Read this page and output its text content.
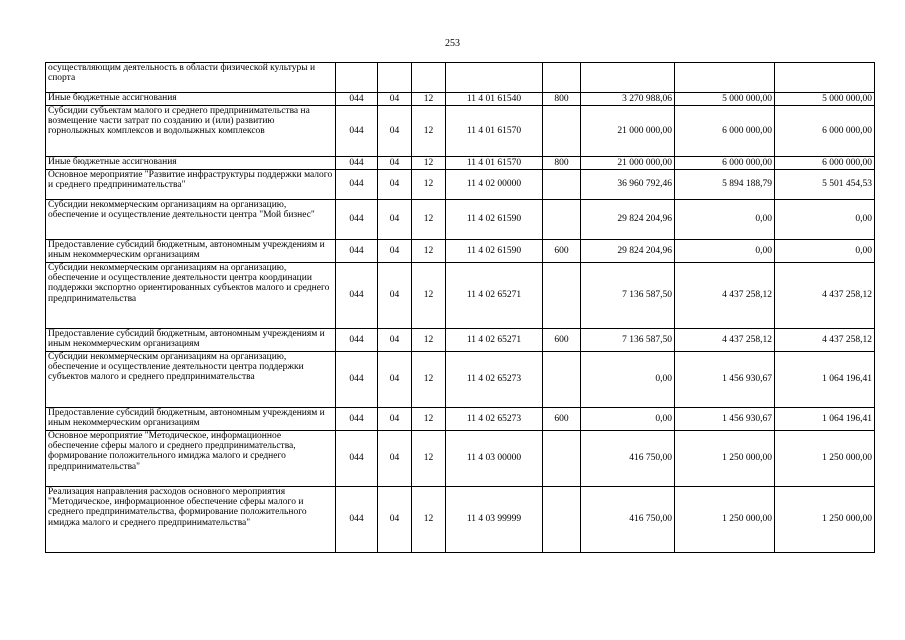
253
осуществляющим деятельность в области физической культуры и спорта								
Иные бюджетные ассигнования	044	04	12	11 4 01 61540	800	3 270 988,06	5 000 000,00	5 000 000,00
Субсидии субъектам малого и среднего предпринимательства на возмещение части затрат по созданию и (или) развитию горнолыжных комплексов и водолыжных комплексов	044	04	12	11 4 01 61570		21 000 000,00	6 000 000,00	6 000 000,00
Иные бюджетные ассигнования	044	04	12	11 4 01 61570	800	21 000 000,00	6 000 000,00	6 000 000,00
Основное мероприятие "Развитие инфраструктуры поддержки малого и среднего предпринимательства"	044	04	12	11 4 02 00000		36 960 792,46	5 894 188,79	5 501 454,53
Субсидии некоммерческим организациям на организацию, обеспечение и осуществление деятельности центра "Мой бизнес"	044	04	12	11 4 02 61590		29 824 204,96	0,00	0,00
Предоставление субсидий бюджетным, автономным учреждениям и иным некоммерческим организациям	044	04	12	11 4 02 61590	600	29 824 204,96	0,00	0,00
Субсидии некоммерческим организациям на организацию, обеспечение и осуществление деятельности центра координации поддержки экспортно ориентированных субъектов малого и среднего предпринимательства	044	04	12	11 4 02 65271		7 136 587,50	4 437 258,12	4 437 258,12
Предоставление субсидий бюджетным, автономным учреждениям и иным некоммерческим организациям	044	04	12	11 4 02 65271	600	7 136 587,50	4 437 258,12	4 437 258,12
Субсидии некоммерческим организациям на организацию, обеспечение и осуществление деятельности центра поддержки субъектов малого и среднего предпринимательства	044	04	12	11 4 02 65273		0,00	1 456 930,67	1 064 196,41
Предоставление субсидий бюджетным, автономным учреждениям и иным некоммерческим организациям	044	04	12	11 4 02 65273	600	0,00	1 456 930,67	1 064 196,41
Основное мероприятие "Методическое, информационное обеспечение сферы малого и среднего предпринимательства, формирование положительного имиджа малого и среднего предпринимательства"	044	04	12	11 4 03 00000		416 750,00	1 250 000,00	1 250 000,00
Реализация направления расходов основного мероприятия "Методическое, информационное обеспечение сферы малого и среднего предпринимательства, формирование положительного имиджа малого и среднего предпринимательства"	044	04	12	11 4 03 99999		416 750,00	1 250 000,00	1 250 000,00
